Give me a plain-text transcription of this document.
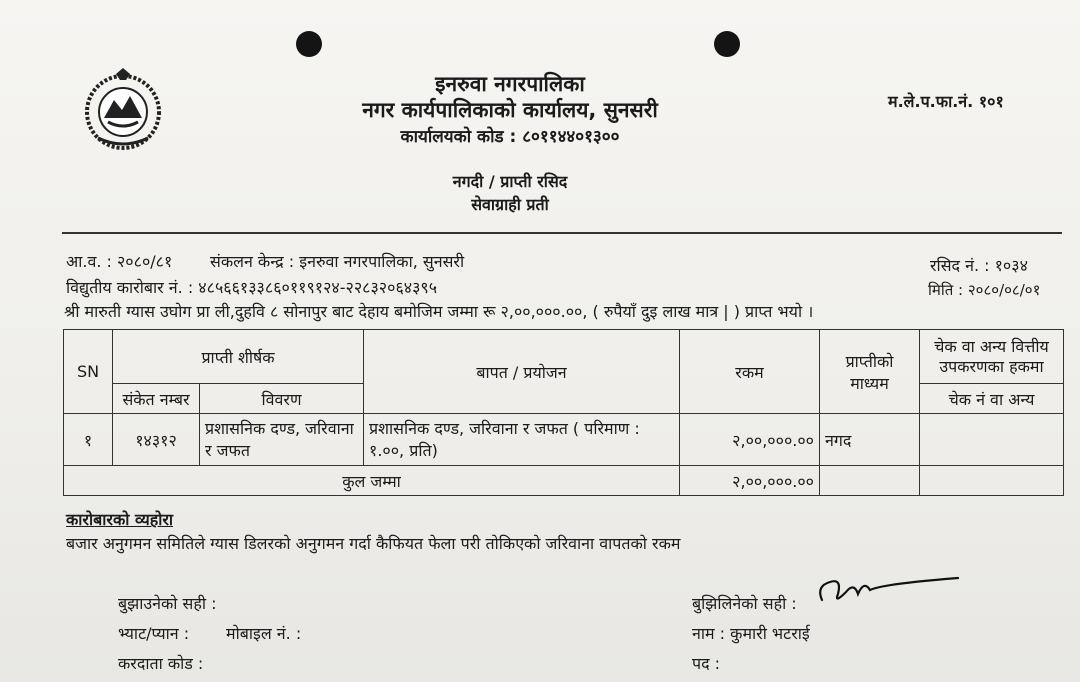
इनरुवा नगरपालिका
नगर कार्यपालिकाको कार्यालय, सुनसरी
कार्यालयको कोड : ८०११४४०१३००
नगदी / प्राप्ती रसिद
सेवाग्राही प्रती
म.ले.प.फा.नं. १०१
आ.व. : २०८०/८१ संकलन केन्द्र : इनरुवा नगरपालिका, सुनसरी	रसिद नं. : १०३४
विद्युतीय कारोबार नं. : ४८५६६१३३८६०११९१२४-२२८३२०६४३९५	मिति : २०८०/०८/०१
श्री मारुती ग्यास उघोग प्रा ली,दुहवि ८ सोनापुर बाट देहाय बमोजिम जम्मा रू २,००,०००.००, ( रुपैयाँ दुइ लाख मात्र | ) प्राप्त भयो ।
SN	प्राप्ती शीर्षक		बापत / प्रयोजन	रकम	प्राप्तीको माध्यम	चेक वा अन्य वित्तीय उपकरणका हकमा
	संकेत नम्बर	विवरण				चेक नं वा अन्य
१	१४३१२	प्रशासनिक दण्ड, जरिवाना र जफत	प्रशासनिक दण्ड, जरिवाना र जफत ( परिमाण : १.००, प्रति)	२,००,०००.००	नगद	
कुल जम्मा				२,००,०००.००		
कारोबारको व्यहोरा
बजार अनुगमन समितिले ग्यास डिलरको अनुगमन गर्दा कैफियत फेला परी तोकिएको जरिवाना वापतको रकम
बुझाउनेको सही :
भ्याट/प्यान : मोबाइल नं. :
करदाता कोड :
बुझिलिनेको सही :
नाम : कुमारी भटराई
पद :
